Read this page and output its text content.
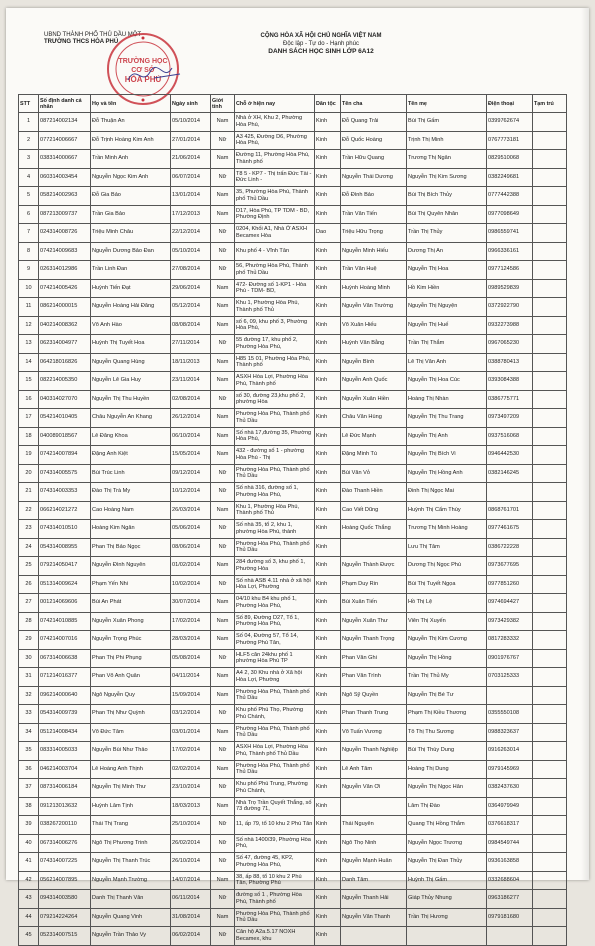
UBND THÀNH PHỐ THỦ DẦU MỘT
TRƯỜNG THCS HÒA PHÚ
CỘNG HÒA XÃ HỘI CHỦ NGHĨA VIỆT NAM
Độc lập - Tự do - Hạnh phúc
DANH SÁCH HỌC SINH LỚP 6A12
TRƯỜNG HỌC
CƠ SỞ
HÒA PHÚ
STT	Số định danh cá nhân	Họ và tên	Ngày sinh	Giới tính	Chỗ ở hiện nay	Dân tộc	Tên cha	Tên mẹ	Điện thoại	Tạm trú
1	087214002134	Đỗ Thuận An	05/10/2014	Nam	Nhà ở XH, Khu 2, Phường Hòa Phú,	Kinh	Đỗ Quang Trải	Bùi Thị Gấm	0399762674	
2	077214006667	Đỗ Trịnh Hoàng Kim Anh	27/01/2014	Nữ	A3 425, Đường D6, Phường Hòa Phú,	Kinh	Đỗ Quốc Hoàng	Trịnh Thị Minh	0767773181	
3	038314000667	Trần Minh Anh	21/06/2014	Nam	Đường 11, Phường Hòa Phú, Thành phố	Kinh	Trần Hữu Quang	Trương Thị Ngân	0829510068	
4	060314003454	Nguyễn Ngọc Kim Anh	06/07/2014	Nữ	T8 5 - KP7 - Thị trấn Đức Tài - Đức Linh -	Kinh	Nguyễn Thái Dương	Nguyễn Thị Kim Sương	0382249681	
5	058214002963	Đỗ Gia Bảo	13/01/2014	Nam	35, Phường Hòa Phú, Thành phố Thủ Dầu	Kinh	Đỗ Đình Bảo	Bùi Thị Bích Thủy	0777442388	
6	087213009737	Trần Gia Bảo	17/12/2013	Nam	D17, Hòa Phú, TP TDM - BD, Phường Định	Kinh	Trần Văn Tiến	Bùi Thị Quyên Nhân	0977098649	
7	024314008726	Triệu Minh Châu	22/12/2014	Nữ	0204, Khối A1, Nhà Ở ASXH Becamex Hòa	Dao	Triệu Hữu Trọng	Trần Thị Thủy	0986559741	
8	074214009683	Nguyễn Dương Bảo Đan	05/10/2014	Nữ	Khu phố 4 - Vĩnh Tân	Kinh	Nguyễn Minh Hiếu	Dương Thị An	0966336161	
9	026314012986	Trần Linh Đan	27/08/2014	Nữ	56, Phường Hòa Phú, Thành phố Thủ Dầu	Kinh	Trần Văn Huệ	Nguyễn Thị Hoa	0977124586	
10	074214005426	Huỳnh Tiến Đạt	29/06/2014	Nam	472- Đường số 1-KP1 - Hòa Phú - TDM- BD,	Kinh	Huỳnh Hoàng Minh	Hồ Kim Hiền	0989529839	
11	086214000015	Nguyễn Hoàng Hải Đăng	05/12/2014	Nam	Khu 1, Phường Hòa Phú, Thành phố Thủ	Kinh	Nguyễn Văn Trường	Nguyễn Thị Nguyện	0372922790	
12	040214008362	Võ Anh Hào	08/08/2014	Nam	số 6, 09, khu phố 3, Phường Hòa Phú,	Kinh	Võ Xuân Hiếu	Nguyễn Thị Huế	0932273988	
13	062314004977	Huỳnh Thị Tuyết Hoa	27/11/2014	Nữ	55 đường 17, khu phố 2, Phường Hòa Phú,	Kinh	Huỳnh Văn Bằng	Trần Thị Thắm	0967065230	
14	064218016826	Nguyễn Quang Hùng	18/11/2013	Nam	H85 15 01, Phường Hòa Phú, Thành phố	Kinh	Nguyễn Bình	Lê Thị Văn Anh	0388780413	
15	082214005350	Nguyễn Lê Gia Huy	23/11/2014	Nam	ASXH Hòa Lợi, Phường Hòa Phú, Thành phố	Kinh	Nguyễn Anh Quốc	Nguyễn Thị Hoa Cúc	0393084388	
16	040314027070	Nguyễn Thị Thu Huyền	02/08/2014	Nữ	số 30, đường 23,khu phố 2, phường Hòa	Kinh	Nguyễn Xuân Hiền	Hoàng Thị Nhàn	0386775771	
17	054214010405	Châu Nguyễn An Khang	26/12/2014	Nam	Phường Hòa Phú, Thành phố Thủ Dầu	Kinh	Châu Văn Hùng	Nguyễn Thị Thu Trang	0973497209	
18	040089018567	Lê Đăng Khoa	06/10/2014	Nam	Số nhà 17,đường 35, Phường Hòa Phú,	Kinh	Lê Đức Mạnh	Nguyễn Thị Anh	0937516068	
19	074214007894	Đặng Anh Kiệt	15/05/2014	Nam	432 - đường số 1 - phường Hòa Phú - Thị	Kinh	Đặng Minh Tú	Nguyễn Thị Bích Vi	0946442530	
20	074314005575	Bùi Trúc Linh	09/12/2014	Nữ	Phường Hòa Phú, Thành phố Thủ Dầu	Kinh	Bùi Văn Vỏ	Nguyễn Thị Hồng Anh	0382146245	
21	074314003353	Đào Thị Trà My	10/12/2014	Nữ	Số nhà 316, đường số 1, Phường Hòa Phú,	Kinh	Đào Thanh Hiền	Đinh Thị Ngọc Mai		
22	066214021272	Cao Hoàng Nam	26/03/2014	Nam	Khu 1, Phường Hòa Phú, Thành phố Thủ	Kinh	Cao Viết Dũng	Huỳnh Thị Cẩm Thùy	0868761701	
23	074314010510	Hoàng Kim Ngân	05/06/2014	Nữ	Số nhà 35, tổ 2, khu 1, phường Hòa Phú, thành	Kinh	Hoàng Quốc Thắng	Trương Thị Minh Hoàng	0977461675	
24	054314008955	Phan Thị Bảo Ngọc	08/06/2014	Nữ	Phường Hòa Phú, Thành phố Thủ Dầu	Kinh		Lưu Thị Tâm	0386722228	
25	079214050417	Nguyễn Đình Nguyên	01/02/2014	Nam	284 đường số 3, khu phố 1, Phường Hòa	Kinh	Nguyễn Thành Được	Dương Thị Ngọc Phú	0973677695	
26	051314009624	Phạm Yến Nhi	10/02/2014	Nữ	Số nhà ASB 4.11 nhà ở xã hội Hòa Lợi, Phường	Kinh	Phạm Duy Rin	Bùi Thị Tuyết Ngọa	0977851260	
27	001214069606	Bùi An Phát	30/07/2014	Nam	04/10 khu B4 khu phố 1, Phường Hòa Phú,	Kinh	Bùi Xuân Tiến	Hồ Thị Lệ	0974694427	
28	074214010885	Nguyễn Xuân Phong	17/02/2014	Nam	Số 89, Đường D27, Tổ 1, Phường Hòa Phú,	Kinh	Nguyễn Xuân Thư	Viên Thị Xuyến	0973429382	
29	074214007016	Nguyễn Trọng Phúc	28/03/2014	Nam	Số 04, Đường 57, Tổ 14, Phường Phú Tân,	Kinh	Nguyễn Thanh Trọng	Nguyễn Thị Kim Cương	0817283332	
30	067314006638	Phan Thị Phi Phụng	05/08/2014	Nữ	HLF5 căn 24khu phố 1 phường Hòa Phú TP	Kinh	Phan Văn Ghi	Nguyễn Thị Hồng	0901976767	
31	071214016377	Phan Võ Anh Quân	04/11/2014	Nam	A4 2, 30 Khu nhà ở Xã hội Hòa Lợi, Phường	Kinh	Phan Văn Trình	Trần Thị Thủ My	0703125333	
32	096214000640	Ngô Nguyễn Quy	15/09/2014	Nam	Phường Hòa Phú, Thành phố Thủ Dầu	Kinh	Ngô Sỹ Quyền	Nguyễn Thị Bé Tư		
33	054314009739	Phan Thị Như Quỳnh	03/12/2014	Nữ	Khu phố Phú Thọ, Phường Phú Chánh,	Kinh	Phan Thanh Trung	Phạm Thị Kiều Thương	0355550108	
34	051214008434	Võ Đức Tâm	03/01/2014	Nam	Phường Hòa Phú, Thành phố Thủ Dầu	Kinh	Võ Tuấn Vương	Tô Thị Thu Sương	0988323637	
35	083314005033	Nguyễn Bùi Như Thảo	17/02/2014	Nữ	ASXH Hòa Lợi, Phường Hòa Phú, Thành phố Thủ Dầu	Kinh	Nguyễn Thanh Nghiệp	Bùi Thị Thùy Dung	0916263014	
36	046214003704	Lê Hoàng Anh Thịnh	02/02/2014	Nam	Phường Hòa Phú, Thành phố Thủ Dầu	Kinh	Lê Anh Tâm	Hoàng Thị Dung	0979145969	
37	087314006184	Nguyễn Thị Minh Thư	23/10/2014	Nữ	Khu phố Phú Trung, Phường Phú Chánh,	Kinh	Nguyễn Văn Ơi	Nguyễn Thị Ngọc Hân	0382437630	
38	091213013632	Huỳnh Lâm Tịnh	18/03/2013	Nam	Nhà Trọ Trần Quyết Thắng, số 73 đường 71,	Kinh		Lâm Thị Đào	0364979949	
39	038267200110	Thái Thị Trang	25/10/2014	Nữ	11, ấp 79, tổ 10 khu 2 Phú Tân	Kinh	Thái Nguyên	Quang Thị Hồng Thắm	0376618317	
40	067314006276	Ngô Thị Phương Trinh	26/02/2014	Nữ	Số nhà 1400/39, Phường Hòa Phú,	Kinh	Ngô Thọ Ninh	Nguyễn Ngọc Trương	0984549744	
41	074314007225	Nguyễn Thị Thanh Trúc	26/10/2014	Nữ	Số 47, đường 45, KP2, Phường Hòa Phú,	Kinh	Nguyễn Mạnh Huân	Nguyễn Thị Đan Thủy	0936163858	
42	056214007895	Nguyễn Mạnh Trường	14/07/2014	Nam	38, ấp 88, tổ 10 khu 2 Phú Tân, Phường Phú	Kinh	Danh Tâm	Huỳnh Thị Gấm	0332688604	
43	094314003580	Danh Thị Thanh Vân	06/11/2014	Nữ	đường số 1 , Phường Hòa Phú, Thành phố	Kinh	Nguyễn Thanh Hải	Giáp Thủy Nhung	0963186277	
44	079214224264	Nguyễn Quang Vinh	31/08/2014	Nam	Phường Hòa Phú, Thành phố Thủ Dầu	Kinh	Nguyễn Văn Thanh	Trần Thị Hương	0979181680	
45	052314007515	Nguyễn Trần Thảo Vy	06/02/2014	Nữ	Căn hộ A2a.5.17 NOXH Becamex, khu	Kinh				
